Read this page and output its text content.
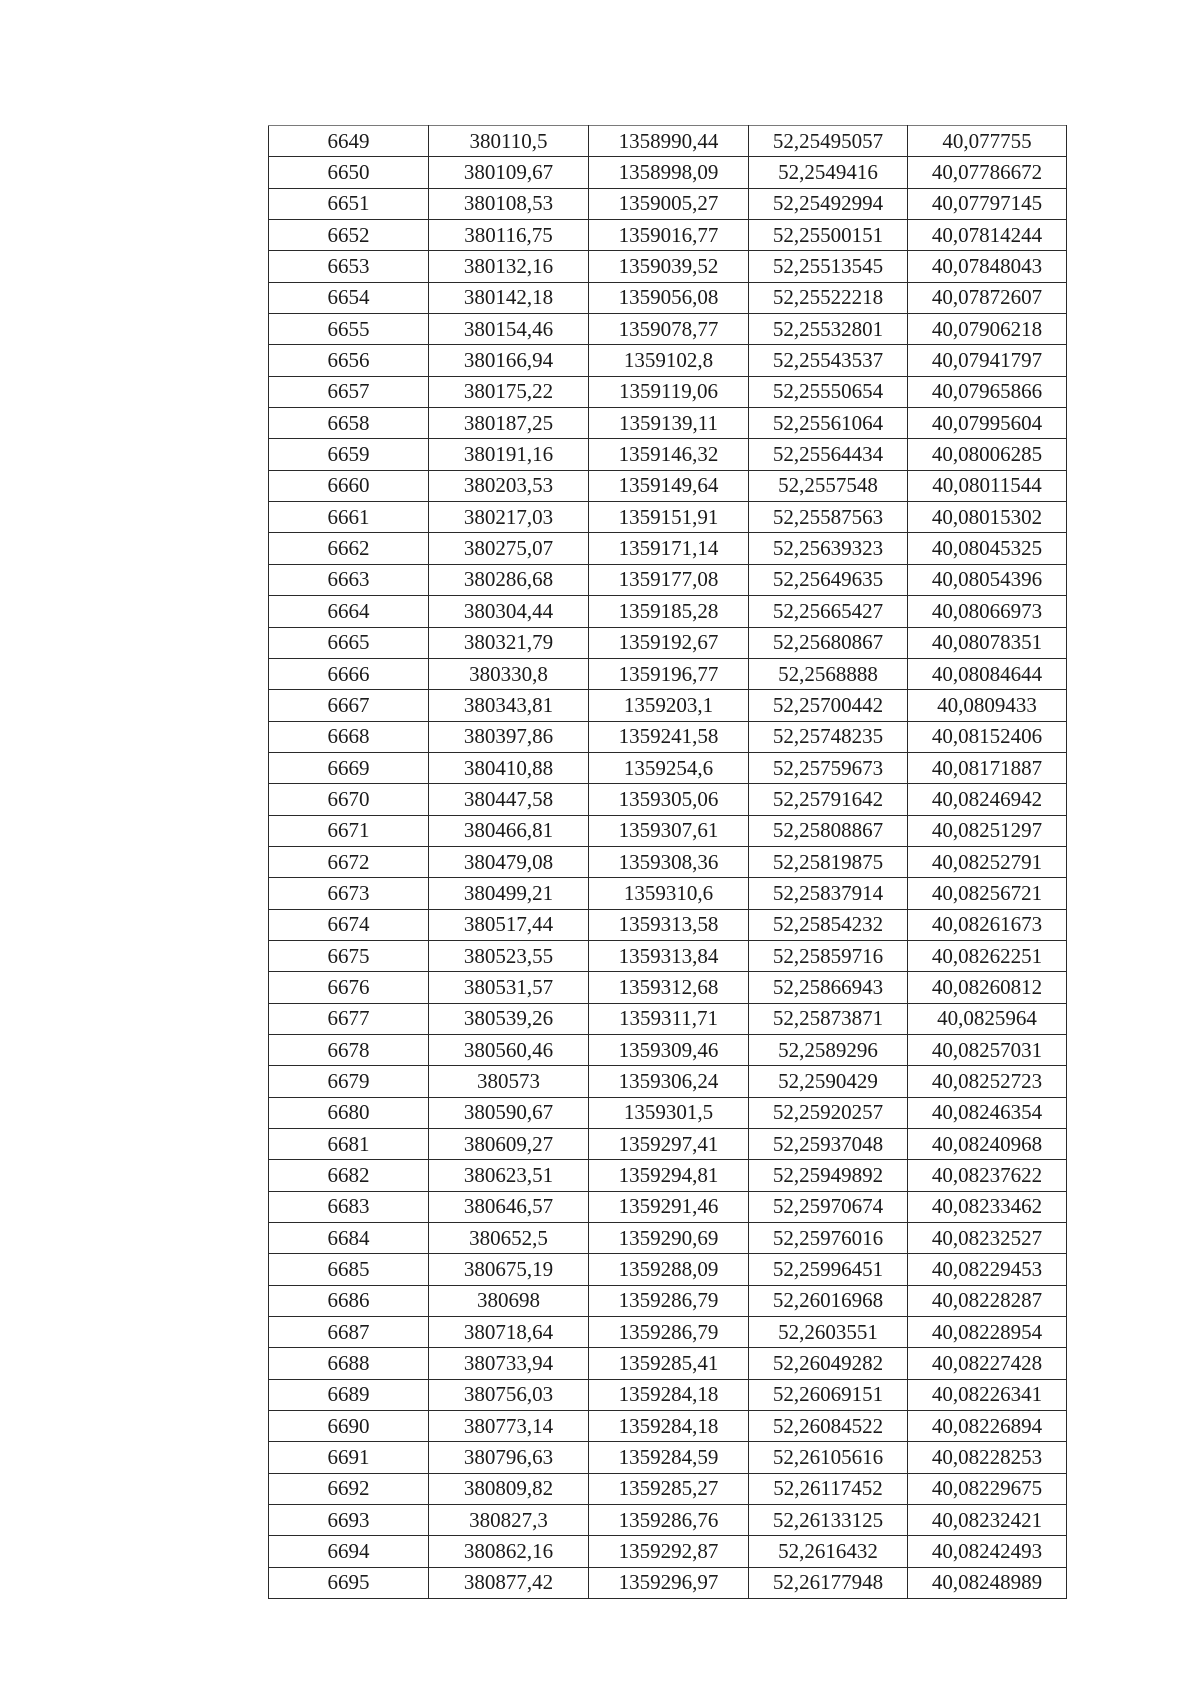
6649	380110,5	1358990,44	52,25495057	40,077755
6650	380109,67	1358998,09	52,2549416	40,07786672
6651	380108,53	1359005,27	52,25492994	40,07797145
6652	380116,75	1359016,77	52,25500151	40,07814244
6653	380132,16	1359039,52	52,25513545	40,07848043
6654	380142,18	1359056,08	52,25522218	40,07872607
6655	380154,46	1359078,77	52,25532801	40,07906218
6656	380166,94	1359102,8	52,25543537	40,07941797
6657	380175,22	1359119,06	52,25550654	40,07965866
6658	380187,25	1359139,11	52,25561064	40,07995604
6659	380191,16	1359146,32	52,25564434	40,08006285
6660	380203,53	1359149,64	52,2557548	40,08011544
6661	380217,03	1359151,91	52,25587563	40,08015302
6662	380275,07	1359171,14	52,25639323	40,08045325
6663	380286,68	1359177,08	52,25649635	40,08054396
6664	380304,44	1359185,28	52,25665427	40,08066973
6665	380321,79	1359192,67	52,25680867	40,08078351
6666	380330,8	1359196,77	52,2568888	40,08084644
6667	380343,81	1359203,1	52,25700442	40,0809433
6668	380397,86	1359241,58	52,25748235	40,08152406
6669	380410,88	1359254,6	52,25759673	40,08171887
6670	380447,58	1359305,06	52,25791642	40,08246942
6671	380466,81	1359307,61	52,25808867	40,08251297
6672	380479,08	1359308,36	52,25819875	40,08252791
6673	380499,21	1359310,6	52,25837914	40,08256721
6674	380517,44	1359313,58	52,25854232	40,08261673
6675	380523,55	1359313,84	52,25859716	40,08262251
6676	380531,57	1359312,68	52,25866943	40,08260812
6677	380539,26	1359311,71	52,25873871	40,0825964
6678	380560,46	1359309,46	52,2589296	40,08257031
6679	380573	1359306,24	52,2590429	40,08252723
6680	380590,67	1359301,5	52,25920257	40,08246354
6681	380609,27	1359297,41	52,25937048	40,08240968
6682	380623,51	1359294,81	52,25949892	40,08237622
6683	380646,57	1359291,46	52,25970674	40,08233462
6684	380652,5	1359290,69	52,25976016	40,08232527
6685	380675,19	1359288,09	52,25996451	40,08229453
6686	380698	1359286,79	52,26016968	40,08228287
6687	380718,64	1359286,79	52,2603551	40,08228954
6688	380733,94	1359285,41	52,26049282	40,08227428
6689	380756,03	1359284,18	52,26069151	40,08226341
6690	380773,14	1359284,18	52,26084522	40,08226894
6691	380796,63	1359284,59	52,26105616	40,08228253
6692	380809,82	1359285,27	52,26117452	40,08229675
6693	380827,3	1359286,76	52,26133125	40,08232421
6694	380862,16	1359292,87	52,2616432	40,08242493
6695	380877,42	1359296,97	52,26177948	40,08248989
